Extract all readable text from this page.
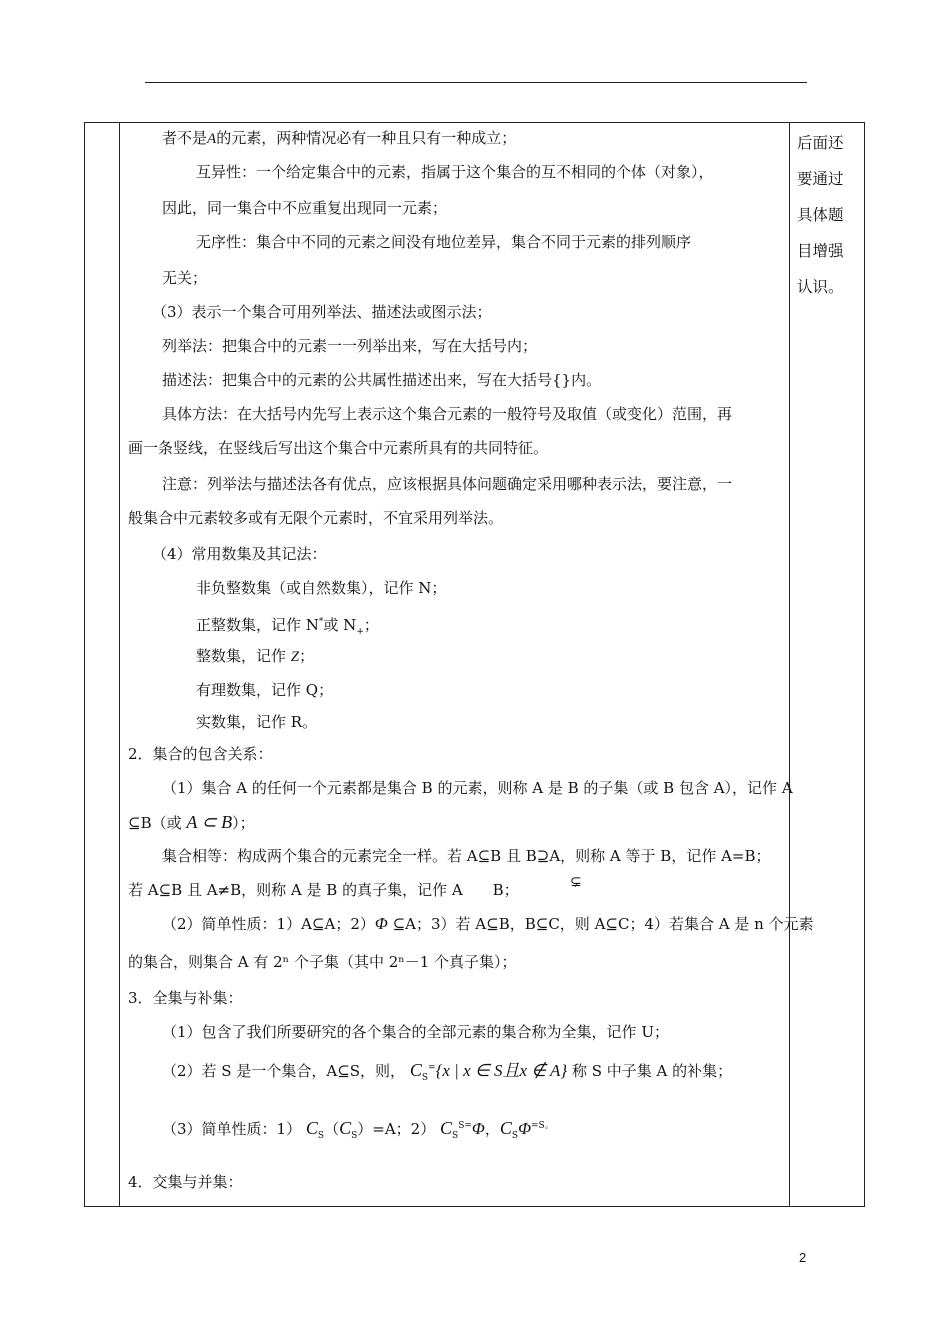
后面还要通过具体题目增强认识。
者不是A的元素，两种情况必有一种且只有一种成立；
互异性：一个给定集合中的元素，指属于这个集合的互不相同的个体（对象），
因此，同一集合中不应重复出现同一元素；
无序性：集合中不同的元素之间没有地位差异，集合不同于元素的排列顺序
无关；
（3）表示一个集合可用列举法、描述法或图示法；
列举法：把集合中的元素一一列举出来，写在大括号内；
描述法：把集合中的元素的公共属性描述出来，写在大括号{}内。
具体方法：在大括号内先写上表示这个集合元素的一般符号及取值（或变化）范围，再
画一条竖线，在竖线后写出这个集合中元素所具有的共同特征。
注意：列举法与描述法各有优点，应该根据具体问题确定采用哪种表示法，要注意，一
般集合中元素较多或有无限个元素时，不宜采用列举法。
（4）常用数集及其记法：
非负整数集（或自然数集），记作 N；
正整数集，记作 N*或 $N_+$；
整数集，记作 Z；
有理数集，记作 Q；
实数集，记作 R。
2．集合的包含关系：
（1）集合 A 的任何一个元素都是集合 B 的元素，则称 A 是 B 的子集（或 B 包含 A），记作 A
⊆B（或 A ⊂ B）；
集合相等：构成两个集合的元素完全一样。若 A⊆B 且 B⊇A，则称 A 等于 B，记作 A=B；
若 A⊆B 且 A≠B，则称 A 是 B 的真子集，记作 A　　B；	⊊
（2）简单性质：1）A⊆A；2）Φ ⊆A；3）若 A⊆B，B⊆C，则 A⊆C；4）若集合 A 是 n 个元素
的集合，则集合 A 有 2ⁿ 个子集（其中 2ⁿ－1 个真子集）；
3．全集与补集：
（1）包含了我们所要研究的各个集合的全部元素的集合称为全集，记作 U；
（2）若 S 是一个集合，A⊆S，则， $C_S^=\{x$ | x ∈ S且x ∉ A} 称 S 中子集 A 的补集；
（3）简单性质：1） $C_S(C_S)=A$；2） $C_S^{S=}\Phi$，$C_S\Phi^{=S。}$
4．交集与并集：
2
